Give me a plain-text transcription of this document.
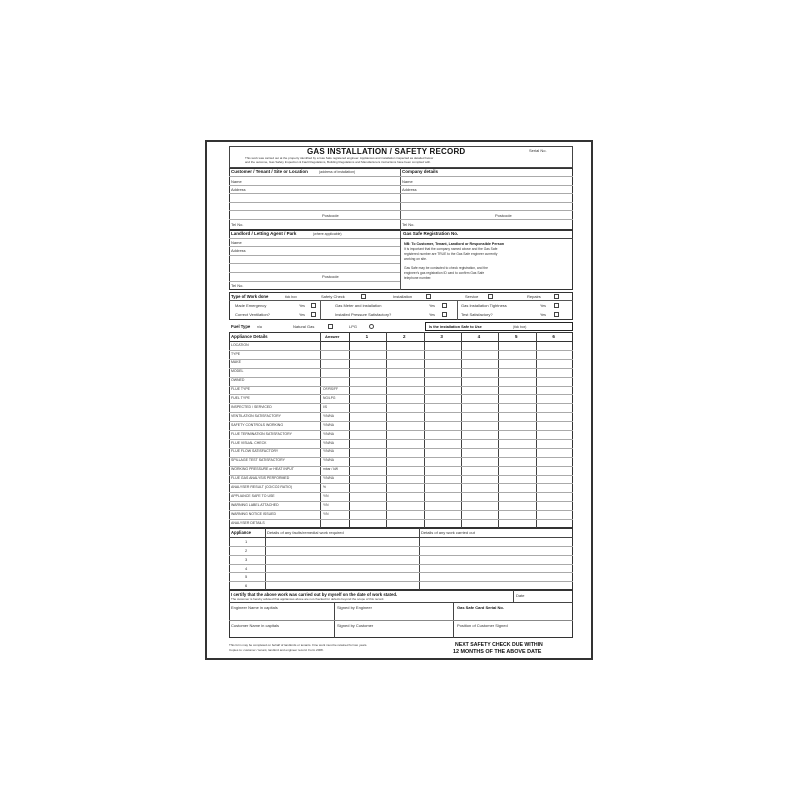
GAS INSTALLATION / SAFETY RECORD	Serial No.
This work was carried out at the property identified by a Gas Safe registered engineer. Appliances and installation inspected as detailed below
and the outcome, Gas Safety Inspection & Fault Regulations, Building Regulations and Manufacturers instructions have been complied with.
Customer / Tenant / Site or Location	(address of installation)
Name
Address
Postcode
Tel No.
Company details
Name
Address
Postcode
Tel No.
Landlord / Letting Agent / Park	(where applicable)
Name
Address
Postcode
Tel No.
Gas Safe Registration No.
NB: To Customer, Tenant, Landlord or Responsible Person
It is important that the company named above and the Gas Safe
registered number are TRUE to the Gas Safe engineer currently
working on site.
Gas Safe may be contacted to check registration, and the
engineer's gas registration ID card to confirm Gas Safe
telephone number.
Type of Work done	tick box	Safety Check	Installation	Service	Repairs
Made Emergency	Yes	Gas Meter and installation	Yes	Gas Installation Tightness	Yes
Correct Ventilation?	Yes	Installed Pressure Satisfactory?	Yes	Test Satisfactory?	Yes
Fuel Type n/a	Natural Gas	LPG	Is the installation Safe to Use	(tick box)
Appliance Details	Answer	1	2	3	4	5	6
LOCATION
TYPE
MAKE
MODEL
OWNED
FLUE TYPE	OF/RS/FF
FUEL TYPE	NG/LPG
INSPECTED / SERVICED	I/S
VENTILATION SATISFACTORY	Y/N/NA
SAFETY CONTROLS WORKING	Y/N/NA
FLUE TERMINATION SATISFACTORY	Y/N/NA
FLUE VISUAL CHECK	Y/N/NA
FLUE FLOW SATISFACTORY	Y/N/NA
SPILLAGE TEST SATISFACTORY	Y/N/NA
WORKING PRESSURE or HEAT INPUT	mbar / kW
FLUE GAS ANALYSIS PERFORMED	Y/N/NA
ANALYSER RESULT (CO/CO2 RATIO)	%
APPLIANCE SAFE TO USE	Y/N
WARNING LABEL ATTACHED	Y/N
WARNING NOTICE ISSUED	Y/N
ANALYSER DETAILS
Appliance	Details of any faults/remedial work required	Details of any work carried out
1
2
3
4
5
6
I certify that the above work was carried out by myself on the date of work stated.
The customer is hereby advised that appliances above are not checked for defects beyond the scope of this record.
Date
Engineer Name in capitals	Signed by Engineer	Gas Safe Card Serial No.
Customer Name in capitals	Signed by Customer	Position of Customer Signed
This form may be completed on behalf of landlords or tenants. Fine work must be retained for two years.
Copies to: customer / tenant, landlord and engineer record. Form 2008.
NEXT SAFETY CHECK DUE WITHIN
12 MONTHS OF THE ABOVE DATE
